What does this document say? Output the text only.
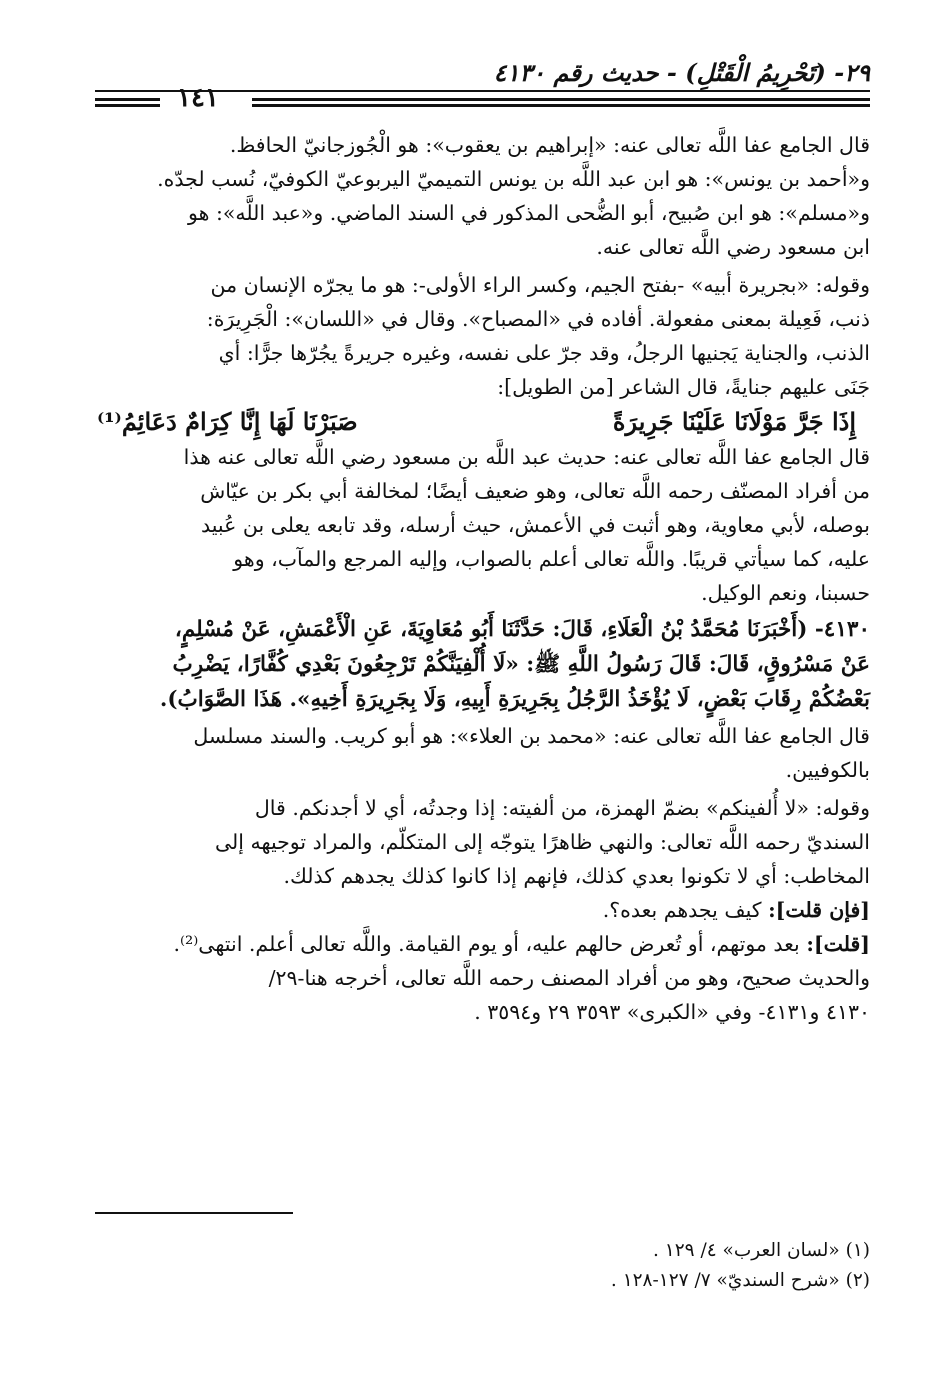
٢٩- (تَحْرِيمُ الْقَتْلِ) - حديث رقم ٤١٣٠
١٤١

قال الجامع عفا اللَّه تعالى عنه: «إبراهيم بن يعقوب»: هو الْجُوزجانيّ الحافظ.
و«أحمد بن يونس»: هو ابن عبد اللَّه بن يونس التميميّ اليربوعيّ الكوفيّ، نُسب لجدّه.
و«مسلم»: هو ابن صُبيح، أبو الضُّحى المذكور في السند الماضي. و«عبد اللَّه»: هو
ابن مسعود رضي اللَّه تعالى عنه.

وقوله: «بجريرة أبيه» -بفتح الجيم، وكسر الراء الأولى-: هو ما يجرّه الإنسان من
ذنب، فَعِيلة بمعنى مفعولة. أفاده في «المصباح». وقال في «اللسان»: الْجَرِيرَة:
الذنب، والجناية يَجنيها الرجلُ، وقد جرّ على نفسه، وغيره جريرةً يجُرّها جرًّا: أي
جَنَى عليهم جنايةً، قال الشاعر [من الطويل]:

إِذَا جَرَّ مَوْلَانَا عَلَيْنَا جَرِيرَةً
صَبَرْنَا لَهَا إِنَّا كِرَامٌ دَعَائِمُ⁽¹⁾

قال الجامع عفا اللَّه تعالى عنه: حديث عبد اللَّه بن مسعود رضي اللَّه تعالى عنه هذا
من أفراد المصنّف رحمه اللَّه تعالى، وهو ضعيف أيضًا؛ لمخالفة أبي بكر بن عيّاش
بوصله، لأبي معاوية، وهو أثبت في الأعمش، حيث أرسله، وقد تابعه يعلى بن عُبيد
عليه، كما سيأتي قريبًا. واللَّه تعالى أعلم بالصواب، وإليه المرجع والمآب، وهو
حسبنا، ونعم الوكيل.

٤١٣٠- (أَخْبَرَنَا مُحَمَّدُ بْنُ الْعَلَاءِ، قَالَ: حَدَّثَنَا أَبُو مُعَاوِيَةَ، عَنِ الْأَعْمَشِ، عَنْ مُسْلِمٍ،
عَنْ مَسْرُوقٍ، قَالَ: قَالَ رَسُولُ اللَّهِ ﷺ: «لَا أُلْفِيَنَّكُمْ تَرْجِعُونَ بَعْدِي كُفَّارًا، يَضْرِبُ
بَعْضُكُمْ رِقَابَ بَعْضٍ، لَا يُؤْخَذُ الرَّجُلُ بِجَرِيرَةِ أَبِيهِ، وَلَا بِجَرِيرَةِ أَخِيهِ». هَذَا الصَّوَابُ).

قال الجامع عفا اللَّه تعالى عنه: «محمد بن العلاء»: هو أبو كريب. والسند مسلسل
بالكوفيين.

وقوله: «لا أُلفينكم» بضمّ الهمزة، من ألفيته: إذا وجدتُه، أي لا أجدنكم. قال
السنديّ رحمه اللَّه تعالى: والنهي ظاهرًا يتوجّه إلى المتكلّم، والمراد توجيهه إلى
المخاطب: أي لا تكونوا بعدي كذلك، فإنهم إذا كانوا كذلك يجدهم كذلك.

[فإن قلت]: كيف يجدهم بعده؟.

[قلت]: بعد موتهم، أو تُعرض حالهم عليه، أو يوم القيامة. واللَّه تعالى أعلم. انتهى⁽²⁾.

والحديث صحيح، وهو من أفراد المصنف رحمه اللَّه تعالى، أخرجه هنا-٢٩/
٤١٣٠ و٤١٣١- وفي «الكبرى» ٣٥٩٣ ٢٩ و٣٥٩٤ .

(١) «لسان العرب» ٤/ ١٢٩ .

(٢) «شرح السنديّ» ٧/ ١٢٧-١٢٨ .
